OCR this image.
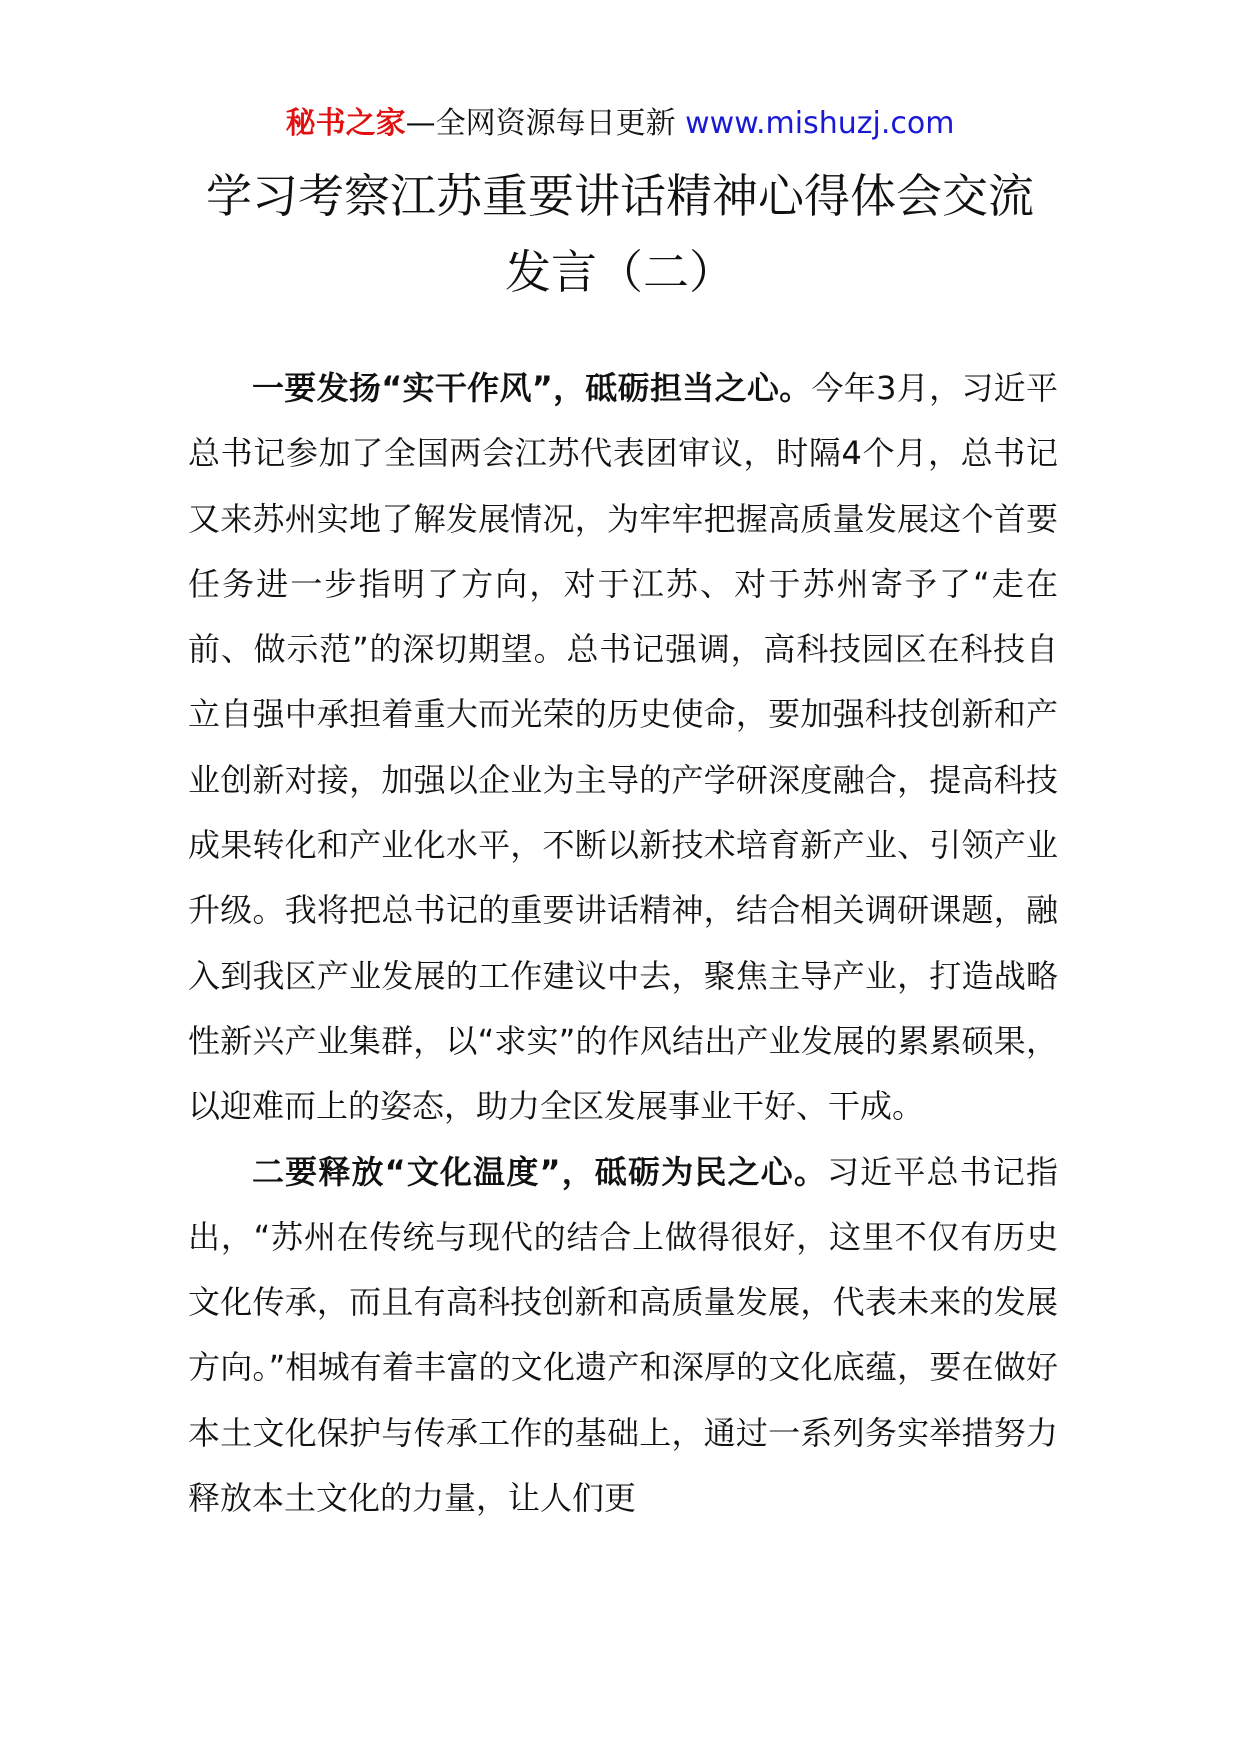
秘书之家—全网资源每日更新 www.mishuzj.com
学习考察江苏重要讲话精神心得体会交流
发言（二）

一要发扬“实干作风”，砥砺担当之心。今年3月，习近平总书记参加了全国两会江苏代表团审议，时隔4个月，总书记又来苏州实地了解发展情况，为牢牢把握高质量发展这个首要任务进一步指明了方向，对于江苏、对于苏州寄予了“走在前、做示范”的深切期望。总书记强调，高科技园区在科技自立自强中承担着重大而光荣的历史使命，要加强科技创新和产业创新对接，加强以企业为主导的产学研深度融合，提高科技成果转化和产业化水平，不断以新技术培育新产业、引领产业升级。我将把总书记的重要讲话精神，结合相关调研课题，融入到我区产业发展的工作建议中去，聚焦主导产业，打造战略性新兴产业集群，以“求实”的作风结出产业发展的累累硕果，以迎难而上的姿态，助力全区发展事业干好、干成。

二要释放“文化温度”，砥砺为民之心。习近平总书记指出，“苏州在传统与现代的结合上做得很好，这里不仅有历史文化传承，而且有高科技创新和高质量发展，代表未来的发展方向。”相城有着丰富的文化遗产和深厚的文化底蕴，要在做好本土文化保护与传承工作的基础上，通过一系列务实举措努力释放本土文化的力量，让人们更
